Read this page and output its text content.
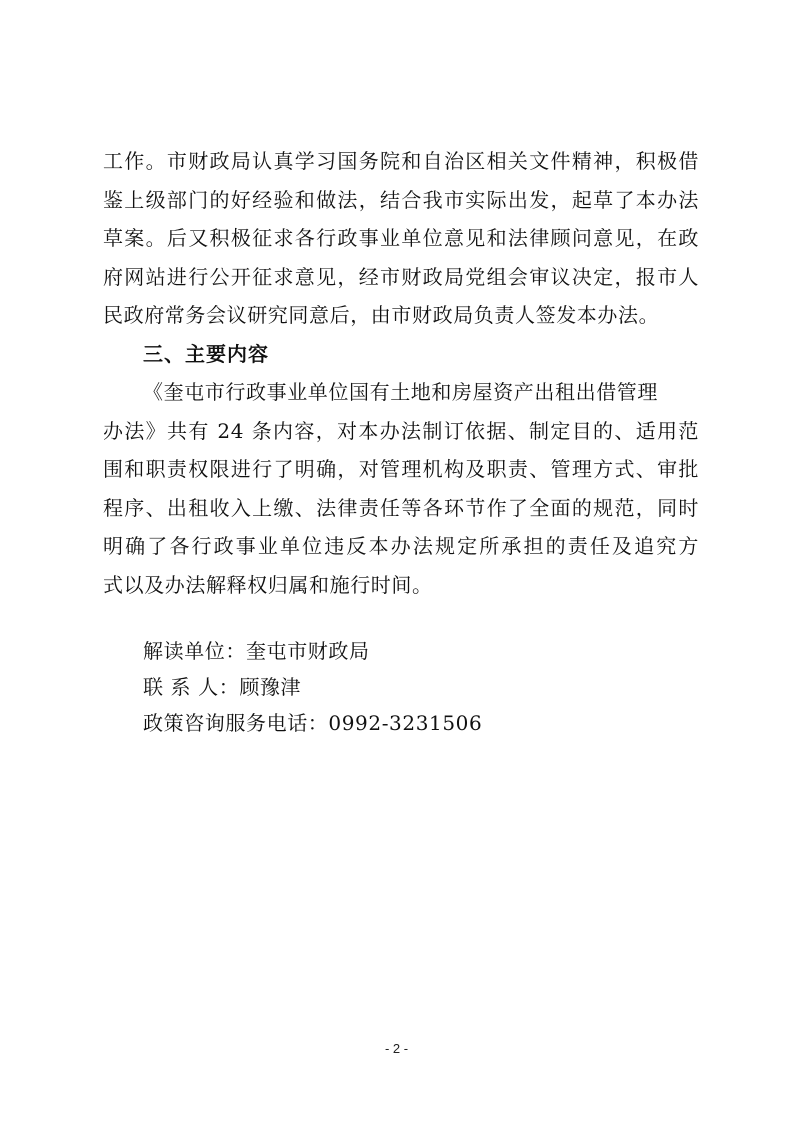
工作。市财政局认真学习国务院和自治区相关文件精神，积极借
鉴上级部门的好经验和做法，结合我市实际出发，起草了本办法
草案。后又积极征求各行政事业单位意见和法律顾问意见，在政
府网站进行公开征求意见，经市财政局党组会审议决定，报市人
民政府常务会议研究同意后，由市财政局负责人签发本办法。
三、主要内容
《奎屯市行政事业单位国有土地和房屋资产出租出借管理
办法》共有 24 条内容，对本办法制订依据、制定目的、适用范
围和职责权限进行了明确，对管理机构及职责、管理方式、审批
程序、出租收入上缴、法律责任等各环节作了全面的规范，同时
明确了各行政事业单位违反本办法规定所承担的责任及追究方
式以及办法解释权归属和施行时间。
解读单位：奎屯市财政局
联 系 人：顾豫津
政策咨询服务电话：0992-3231506
- 2 -
